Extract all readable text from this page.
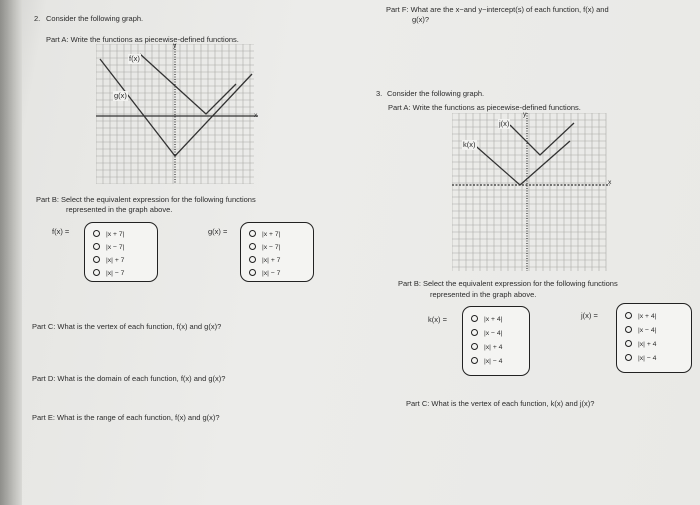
2. Consider the following graph.
Part A: Write the functions as piecewise-defined functions.
y
x
f(x)
g(x)
Part B: Select the equivalent expression for the following functions
represented in the graph above.
f(x) =	|x + 7|
|x − 7|
|x| + 7
|x| − 7
g(x) =	|x + 7|
|x − 7|
|x| + 7
|x| − 7
Part C: What is the vertex of each function, f(x) and g(x)?
Part D: What is the domain of each function, f(x) and g(x)?
Part E: What is the range of each function, f(x) and g(x)?
Part F: What are the x−and y−intercept(s) of each function, f(x) and
g(x)?
3. Consider the following graph.
Part A: Write the functions as piecewise-defined functions.
y
x
j(x)
k(x)
Part B: Select the equivalent expression for the following functions
represented in the graph above.
k(x) =	|x + 4|
|x − 4|
|x| + 4
|x| − 4
j(x) =	|x + 4|
|x − 4|
|x| + 4
|x| − 4
Part C: What is the vertex of each function, k(x) and j(x)?
